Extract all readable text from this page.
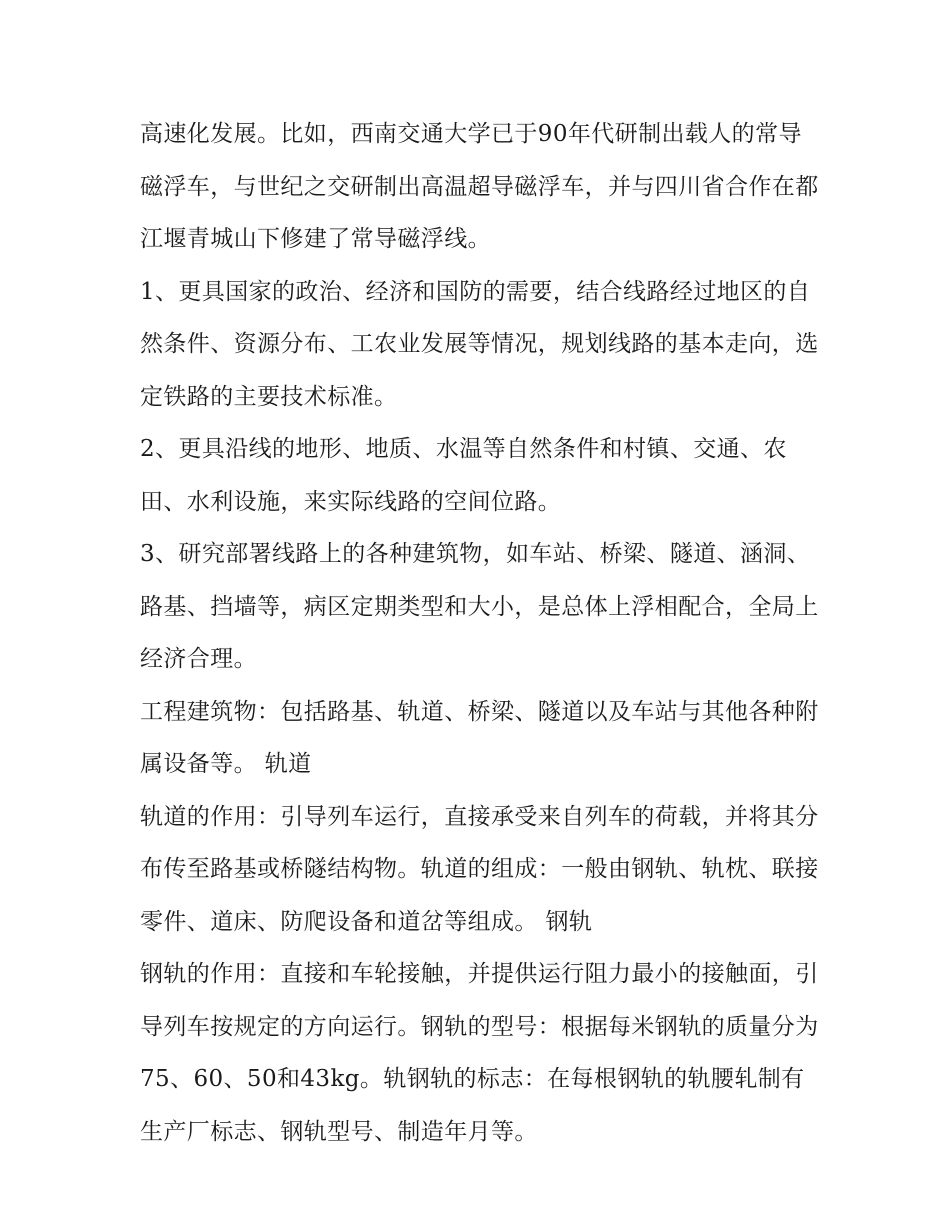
高速化发展。比如，西南交通大学已于90年代研制出载人的常导磁浮车，与世纪之交研制出高温超导磁浮车，并与四川省合作在都江堰青城山下修建了常导磁浮线。

1、更具国家的政治、经济和国防的需要，结合线路经过地区的自然条件、资源分布、工农业发展等情况，规划线路的基本走向，选定铁路的主要技术标准。

2、更具沿线的地形、地质、水温等自然条件和村镇、交通、农田、水利设施，来实际线路的空间位路。

3、研究部署线路上的各种建筑物，如车站、桥梁、隧道、涵洞、路基、挡墙等，病区定期类型和大小，是总体上浮相配合，全局上经济合理。

工程建筑物：包括路基、轨道、桥梁、隧道以及车站与其他各种附属设备等。 轨道

轨道的作用：引导列车运行，直接承受来自列车的荷载，并将其分布传至路基或桥隧结构物。轨道的组成：一般由钢轨、轨枕、联接零件、道床、防爬设备和道岔等组成。 钢轨

钢轨的作用：直接和车轮接触，并提供运行阻力最小的接触面，引导列车按规定的方向运行。钢轨的型号：根据每米钢轨的质量分为75、60、50和43kg。轨钢轨的标志：在每根钢轨的轨腰轧制有生产厂标志、钢轨型号、制造年月等。
